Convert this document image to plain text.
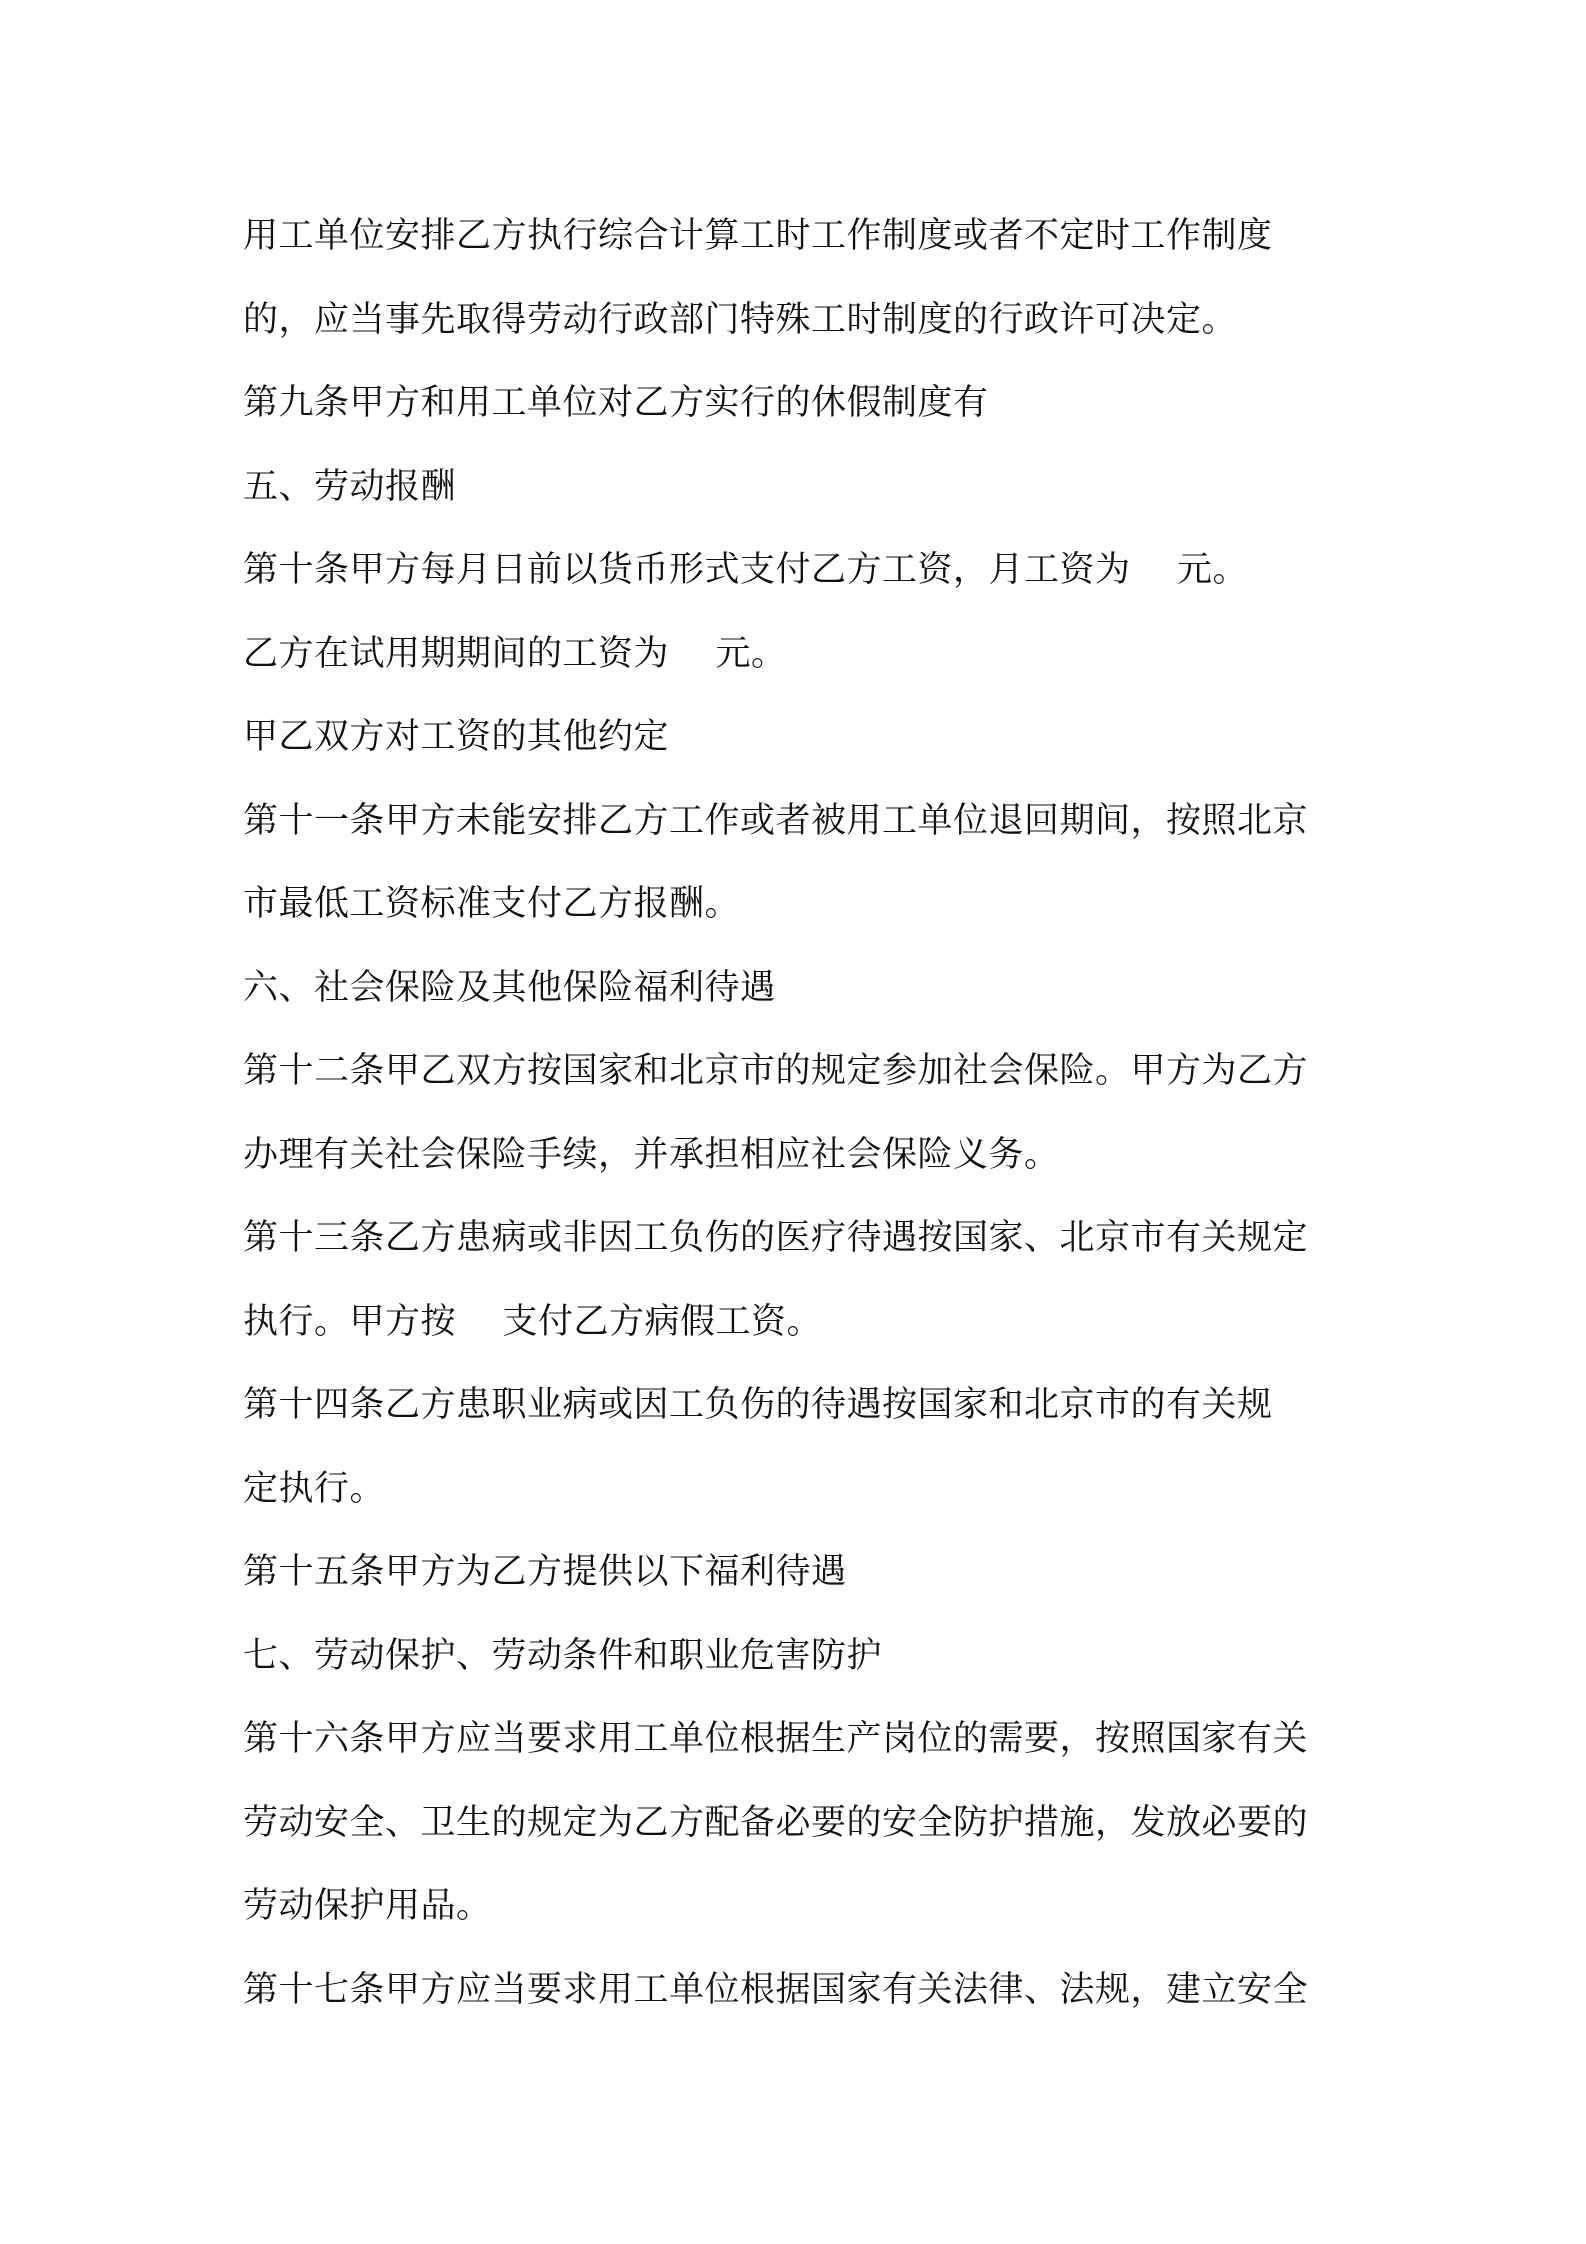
用工单位安排乙方执行综合计算工时工作制度或者不定时工作制度
的，应当事先取得劳动行政部门特殊工时制度的行政许可决定。
第九条甲方和用工单位对乙方实行的休假制度有
五、劳动报酬
第十条甲方每月日前以货币形式支付乙方工资，月工资为    元。
乙方在试用期期间的工资为    元。
甲乙双方对工资的其他约定
第十一条甲方未能安排乙方工作或者被用工单位退回期间，按照北京
市最低工资标准支付乙方报酬。
六、社会保险及其他保险福利待遇
第十二条甲乙双方按国家和北京市的规定参加社会保险。甲方为乙方
办理有关社会保险手续，并承担相应社会保险义务。
第十三条乙方患病或非因工负伤的医疗待遇按国家、北京市有关规定
执行。甲方按    支付乙方病假工资。
第十四条乙方患职业病或因工负伤的待遇按国家和北京市的有关规
定执行。
第十五条甲方为乙方提供以下福利待遇
七、劳动保护、劳动条件和职业危害防护
第十六条甲方应当要求用工单位根据生产岗位的需要，按照国家有关
劳动安全、卫生的规定为乙方配备必要的安全防护措施，发放必要的
劳动保护用品。
第十七条甲方应当要求用工单位根据国家有关法律、法规，建立安全
